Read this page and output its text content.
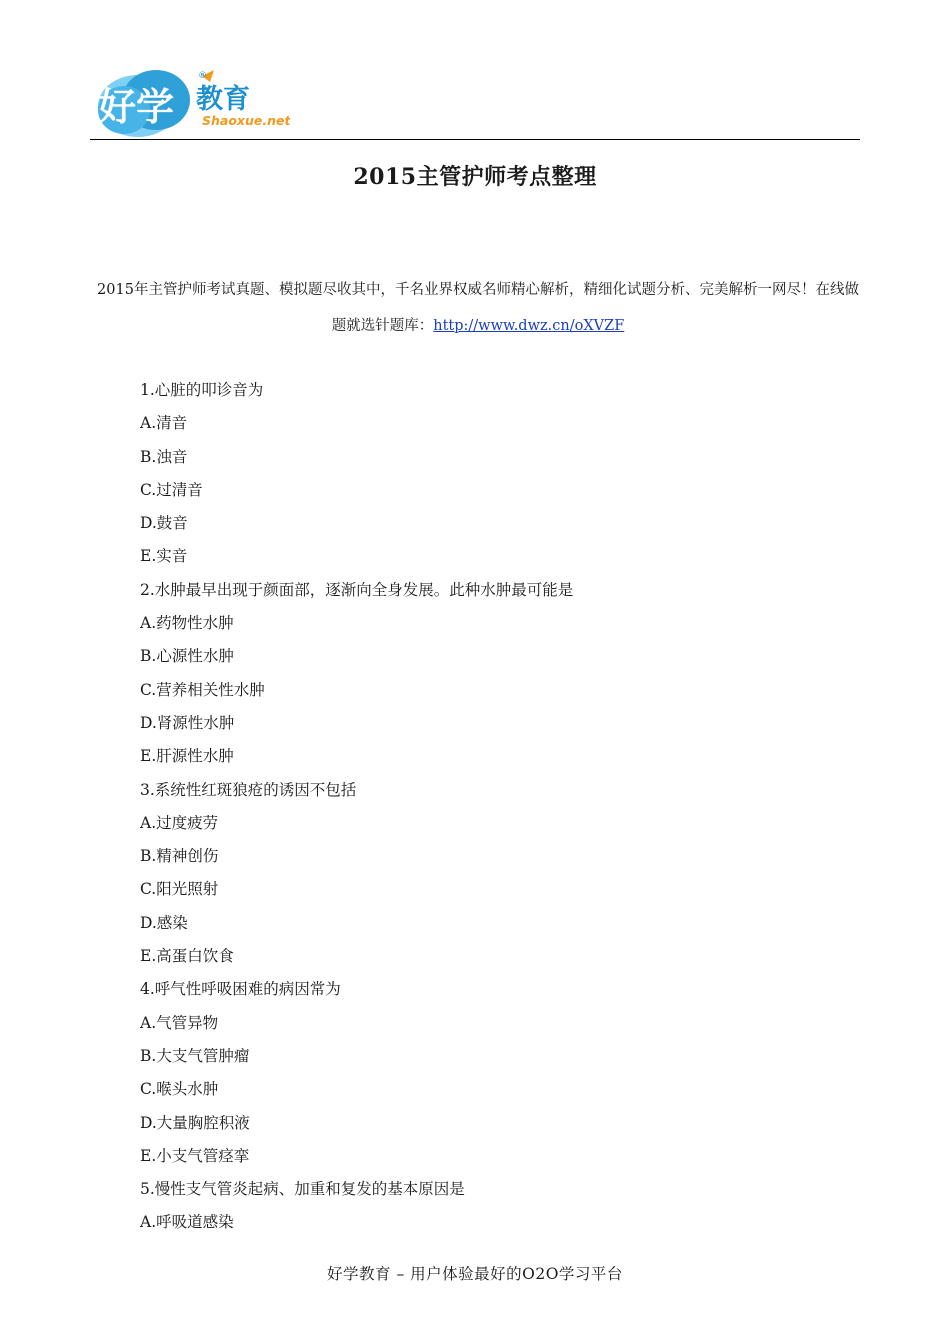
好学 教育
Shaoxue.net
®
2015主管护师考点整理
2015年主管护师考试真题、模拟题尽收其中，千名业界权威名师精心解析，精细化试题分析、完美解析一网尽！在线做题就选针题库：http://www.dwz.cn/oXVZF
1.心脏的叩诊音为
A.清音
B.浊音
C.过清音
D.鼓音
E.实音
2.水肿最早出现于颜面部，逐渐向全身发展。此种水肿最可能是
A.药物性水肿
B.心源性水肿
C.营养相关性水肿
D.肾源性水肿
E.肝源性水肿
3.系统性红斑狼疮的诱因不包括
A.过度疲劳
B.精神创伤
C.阳光照射
D.感染
E.高蛋白饮食
4.呼气性呼吸困难的病因常为
A.气管异物
B.大支气管肿瘤
C.喉头水肿
D.大量胸腔积液
E.小支气管痉挛
5.慢性支气管炎起病、加重和复发的基本原因是
A.呼吸道感染
好学教育 – 用户体验最好的O2O学习平台
